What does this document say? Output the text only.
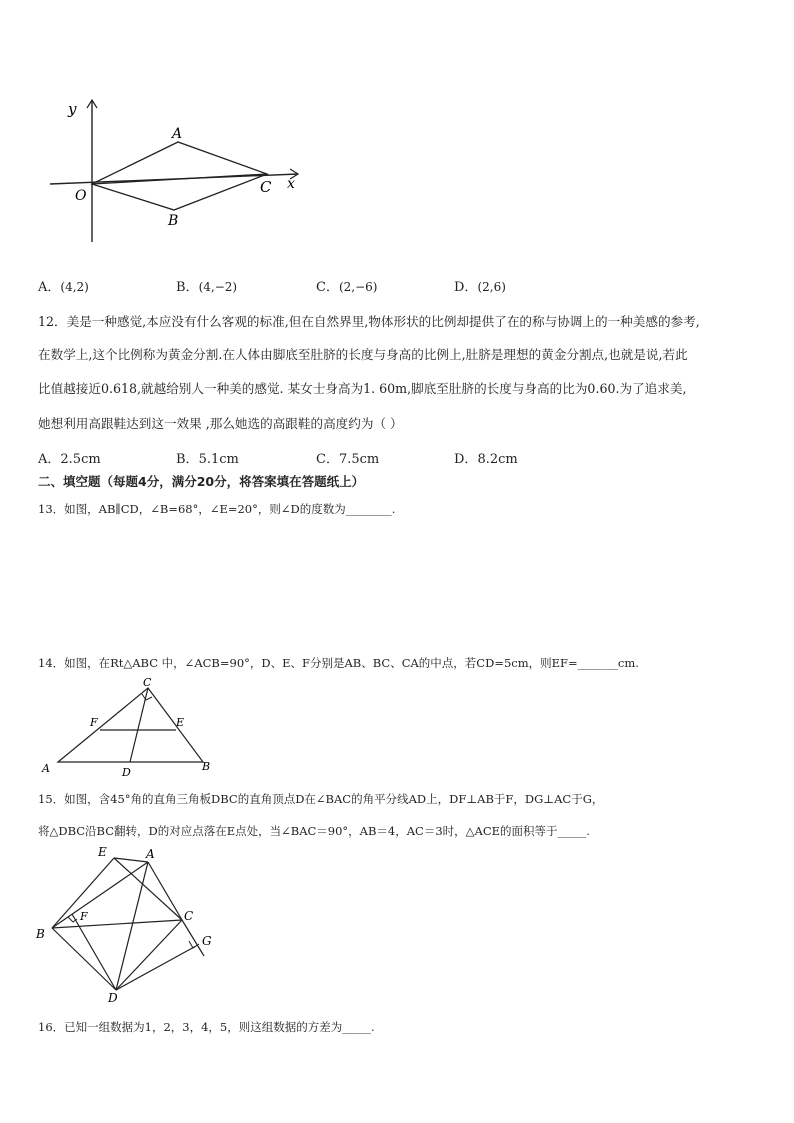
y
x
O
A
B
C
A．(4,2)	B．(4,−2)	C．(2,−6)	D．(2,6)
12．美是一种感觉,本应没有什么客观的标准,但在自然界里,物体形状的比例却提供了在的称与协调上的一种美感的参考,
在数学上,这个比例称为黄金分割.在人体由脚底至肚脐的长度与身高的比例上,肚脐是理想的黄金分割点,也就是说,若此
比值越接近0.618,就越给别人一种美的感觉. 某女士身高为1. 60m,脚底至肚脐的长度与身高的比为0.60.为了追求美,
她想利用高跟鞋达到这一效果 ,那么她选的高跟鞋的高度约为（ ）
A．2.5cm	B．5.1cm	C．7.5cm	D．8.2cm
二、填空题（每题4分，满分20分，将答案填在答题纸上）
13．如图，AB∥CD，∠B=68°，∠E=20°，则∠D的度数为________.
14．如图，在Rt△ABC 中，∠ACB=90°，D、E、F分别是AB、BC、CA的中点，若CD=5cm，则EF=_______cm.
C
F	E
A	D	B
15．如图，含45°角的直角三角板DBC的直角顶点D在∠BAC的角平分线AD上，DF⊥AB于F，DG⊥AC于G，
将△DBC沿BC翻转，D的对应点落在E点处，当∠BAC＝90°，AB＝4，AC＝3时，△ACE的面积等于_____.
E	A
F	C
B	G
D
16．已知一组数据为1，2，3，4，5，则这组数据的方差为_____.
